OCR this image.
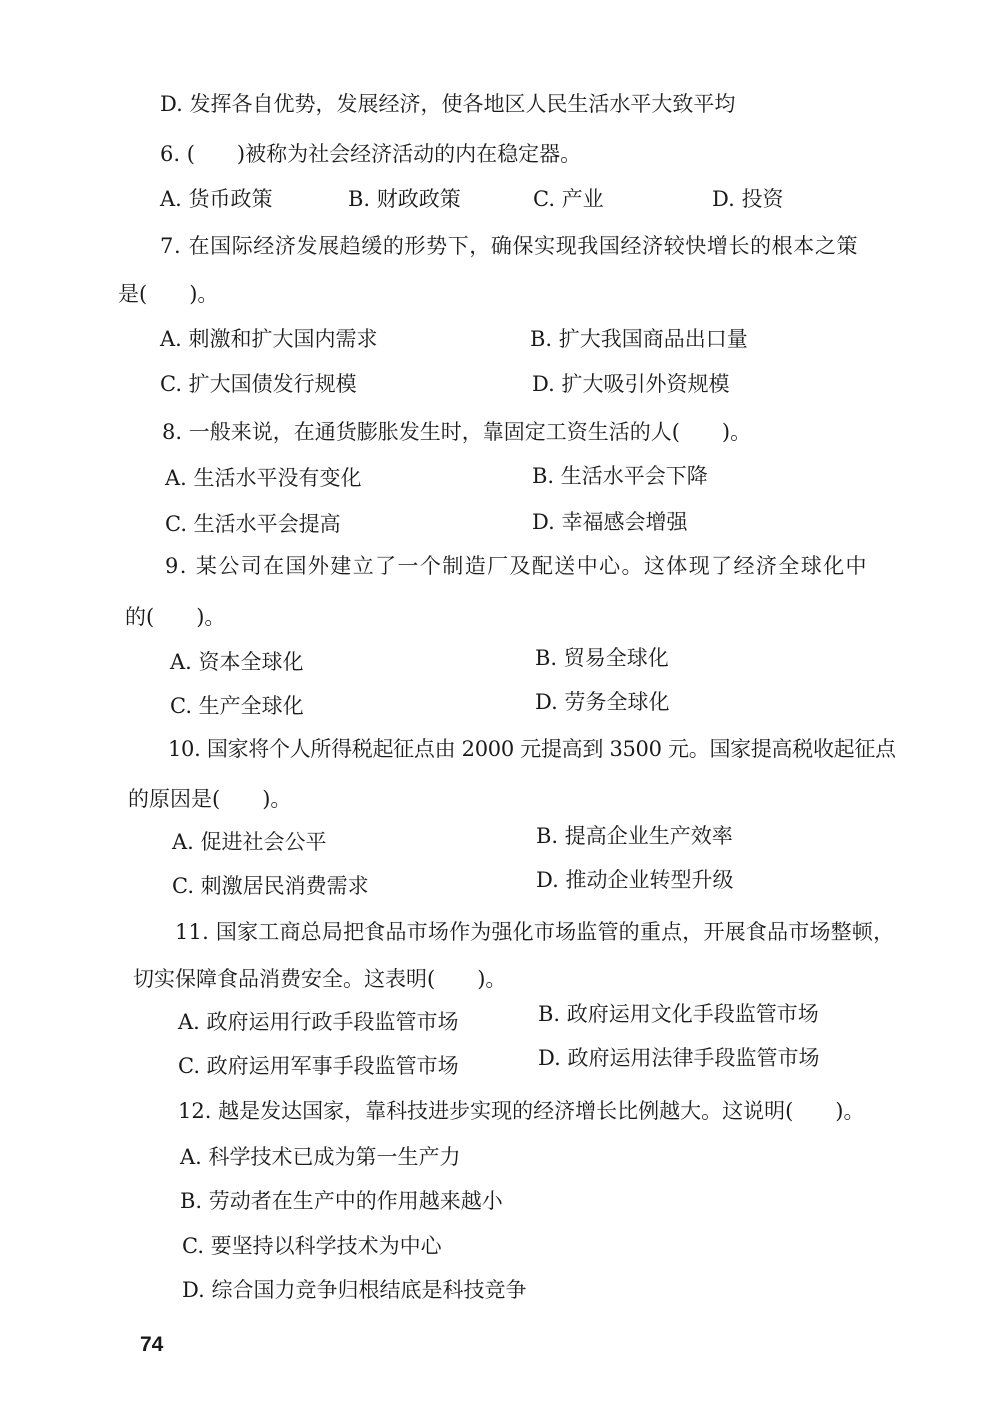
D. 发挥各自优势，发展经济，使各地区人民生活水平大致平均
6. (　　)被称为社会经济活动的内在稳定器。
A. 货币政策	B. 财政政策	C. 产业	D. 投资
7. 在国际经济发展趋缓的形势下，确保实现我国经济较快增长的根本之策
是(　　)。
A. 刺激和扩大国内需求	B. 扩大我国商品出口量
C. 扩大国债发行规模	D. 扩大吸引外资规模
8. 一般来说，在通货膨胀发生时，靠固定工资生活的人(　　)。
A. 生活水平没有变化	B. 生活水平会下降
C. 生活水平会提高	D. 幸福感会增强
9. 某公司在国外建立了一个制造厂及配送中心。这体现了经济全球化中
的(　　)。
A. 资本全球化	B. 贸易全球化
C. 生产全球化	D. 劳务全球化
10. 国家将个人所得税起征点由 2000 元提高到 3500 元。国家提高税收起征点
的原因是(　　)。
A. 促进社会公平	B. 提高企业生产效率
C. 刺激居民消费需求	D. 推动企业转型升级
11. 国家工商总局把食品市场作为强化市场监管的重点，开展食品市场整顿，
切实保障食品消费安全。这表明(　　)。
A. 政府运用行政手段监管市场	B. 政府运用文化手段监管市场
C. 政府运用军事手段监管市场	D. 政府运用法律手段监管市场
12. 越是发达国家，靠科技进步实现的经济增长比例越大。这说明(　　)。
A. 科学技术已成为第一生产力
B. 劳动者在生产中的作用越来越小
C. 要坚持以科学技术为中心
D. 综合国力竞争归根结底是科技竞争
74
